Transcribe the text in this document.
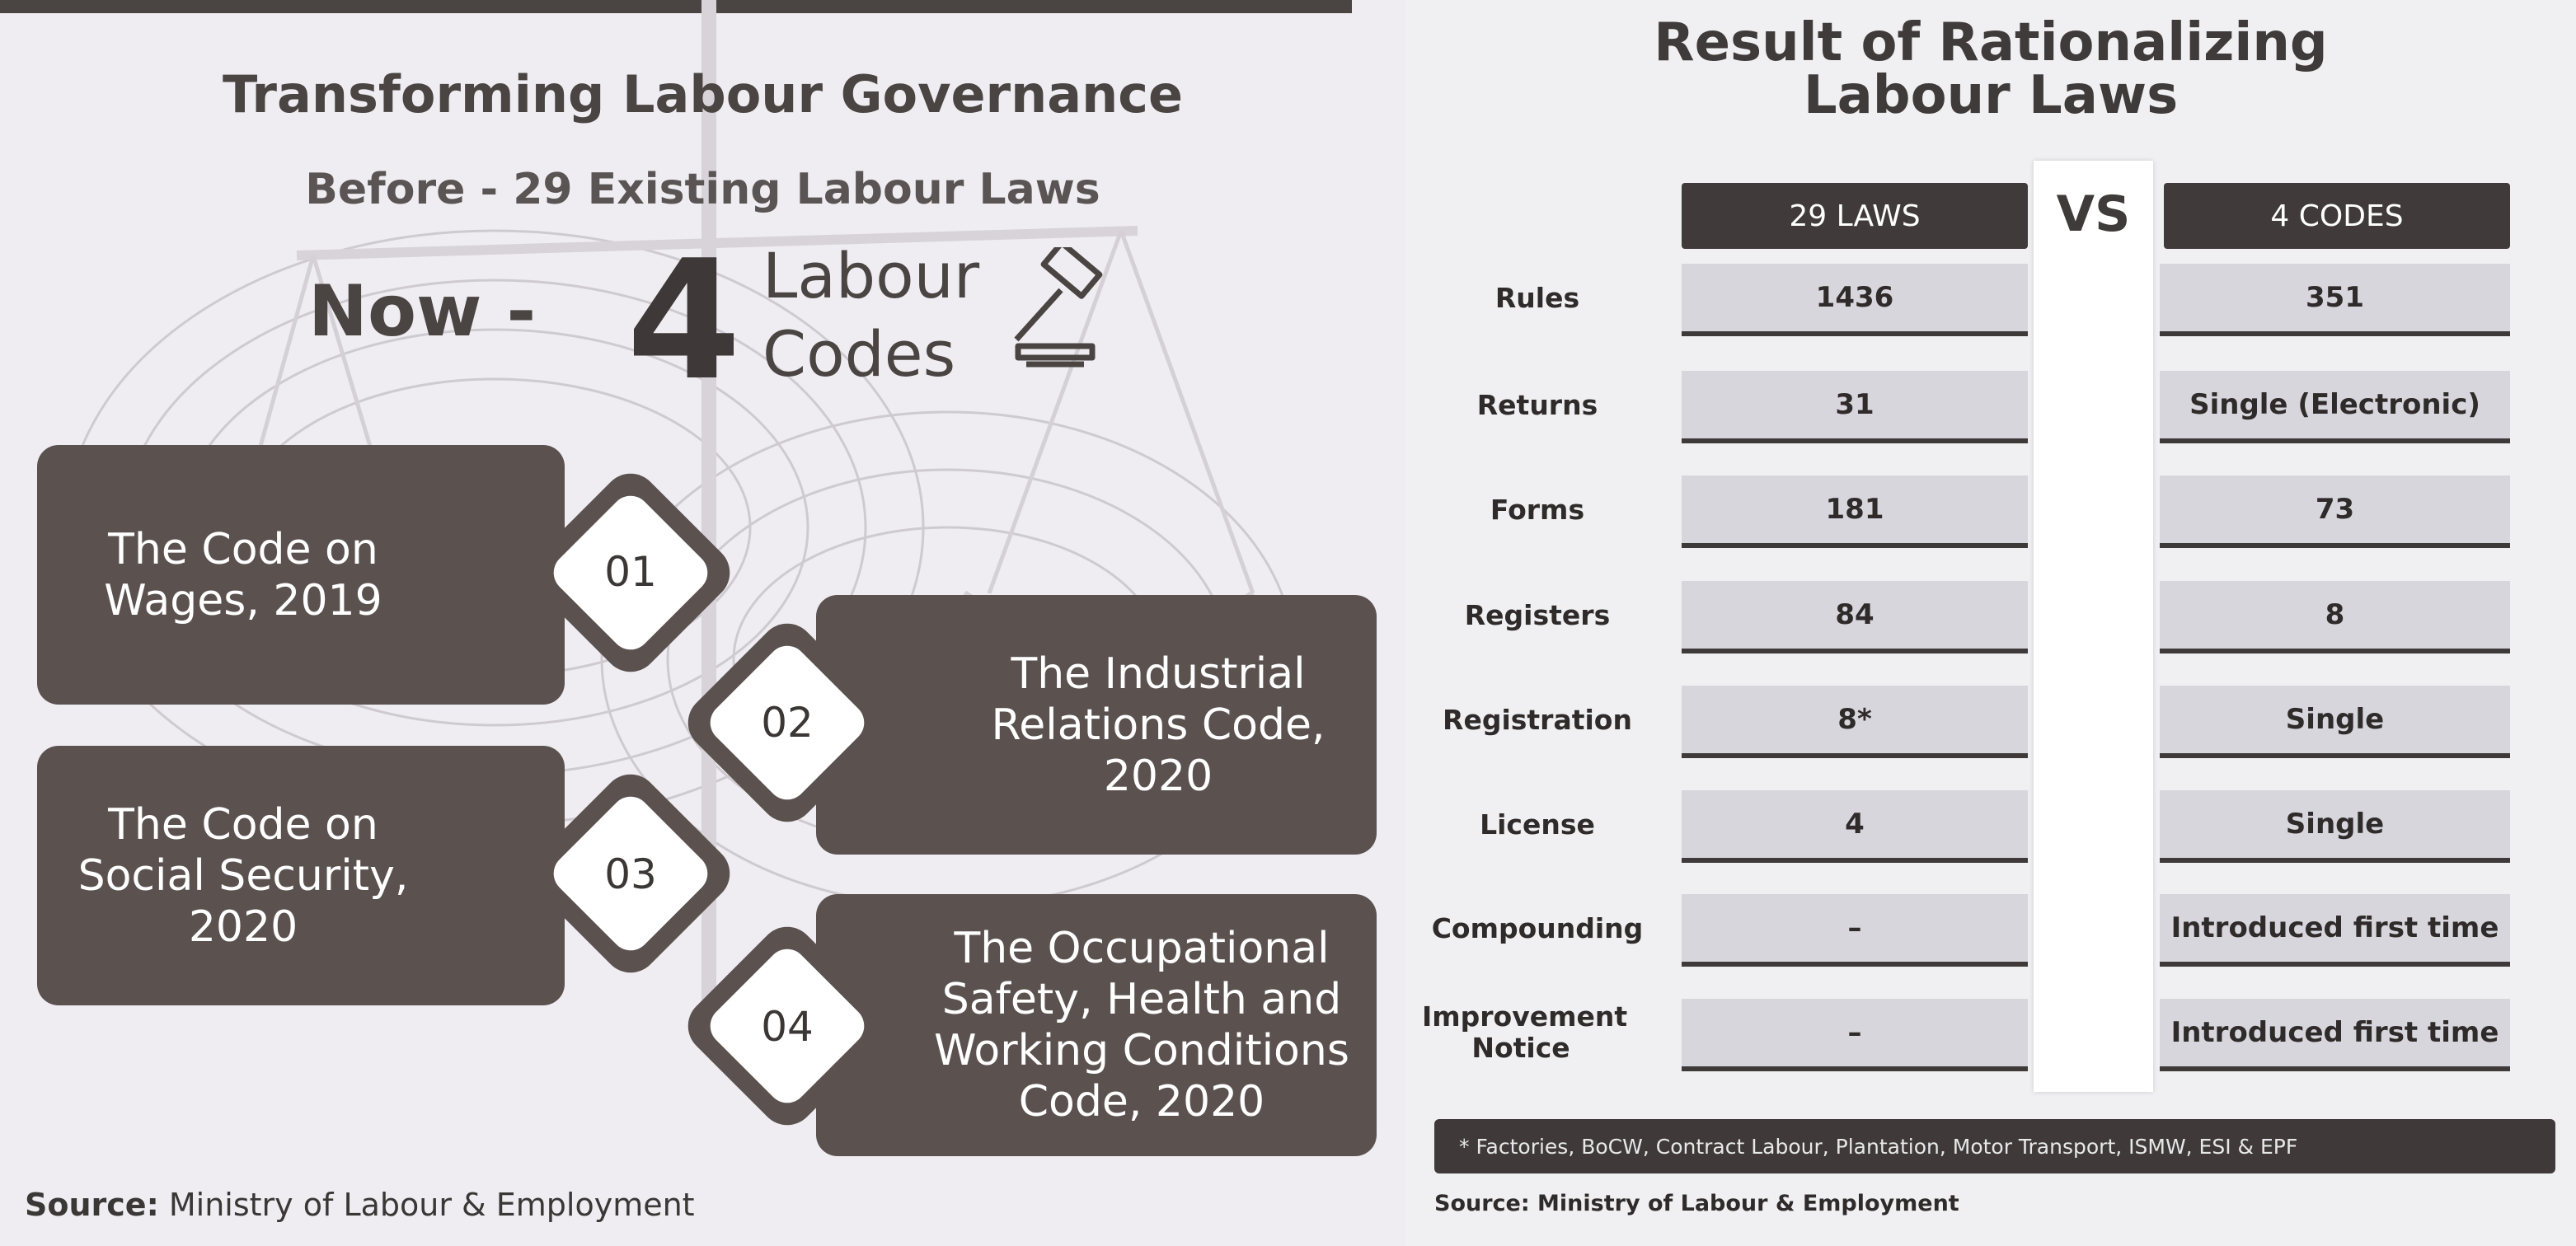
Transforming Labour Governance
Before - 29 Existing Labour Laws
Now - 4 Labour
Codes
The Code on Wages, 2019
01
The Industrial Relations Code, 2020
02
The Code on Social Security, 2020
03
The Occupational Safety, Health and Working Conditions Code, 2020
04
Source: Ministry of Labour & Employment
Result of Rationalizing
Labour Laws
29 LAWS	VS	4 CODES
Rules	1436	351
Returns	31	Single (Electronic)
Forms	181	73
Registers	84	8
Registration	8*	Single
License	4	Single
Compounding	–	Introduced first time
Improvement Notice	–	Introduced first time
* Factories, BoCW, Contract Labour, Plantation, Motor Transport, ISMW, ESI & EPF
Source: Ministry of Labour & Employment
